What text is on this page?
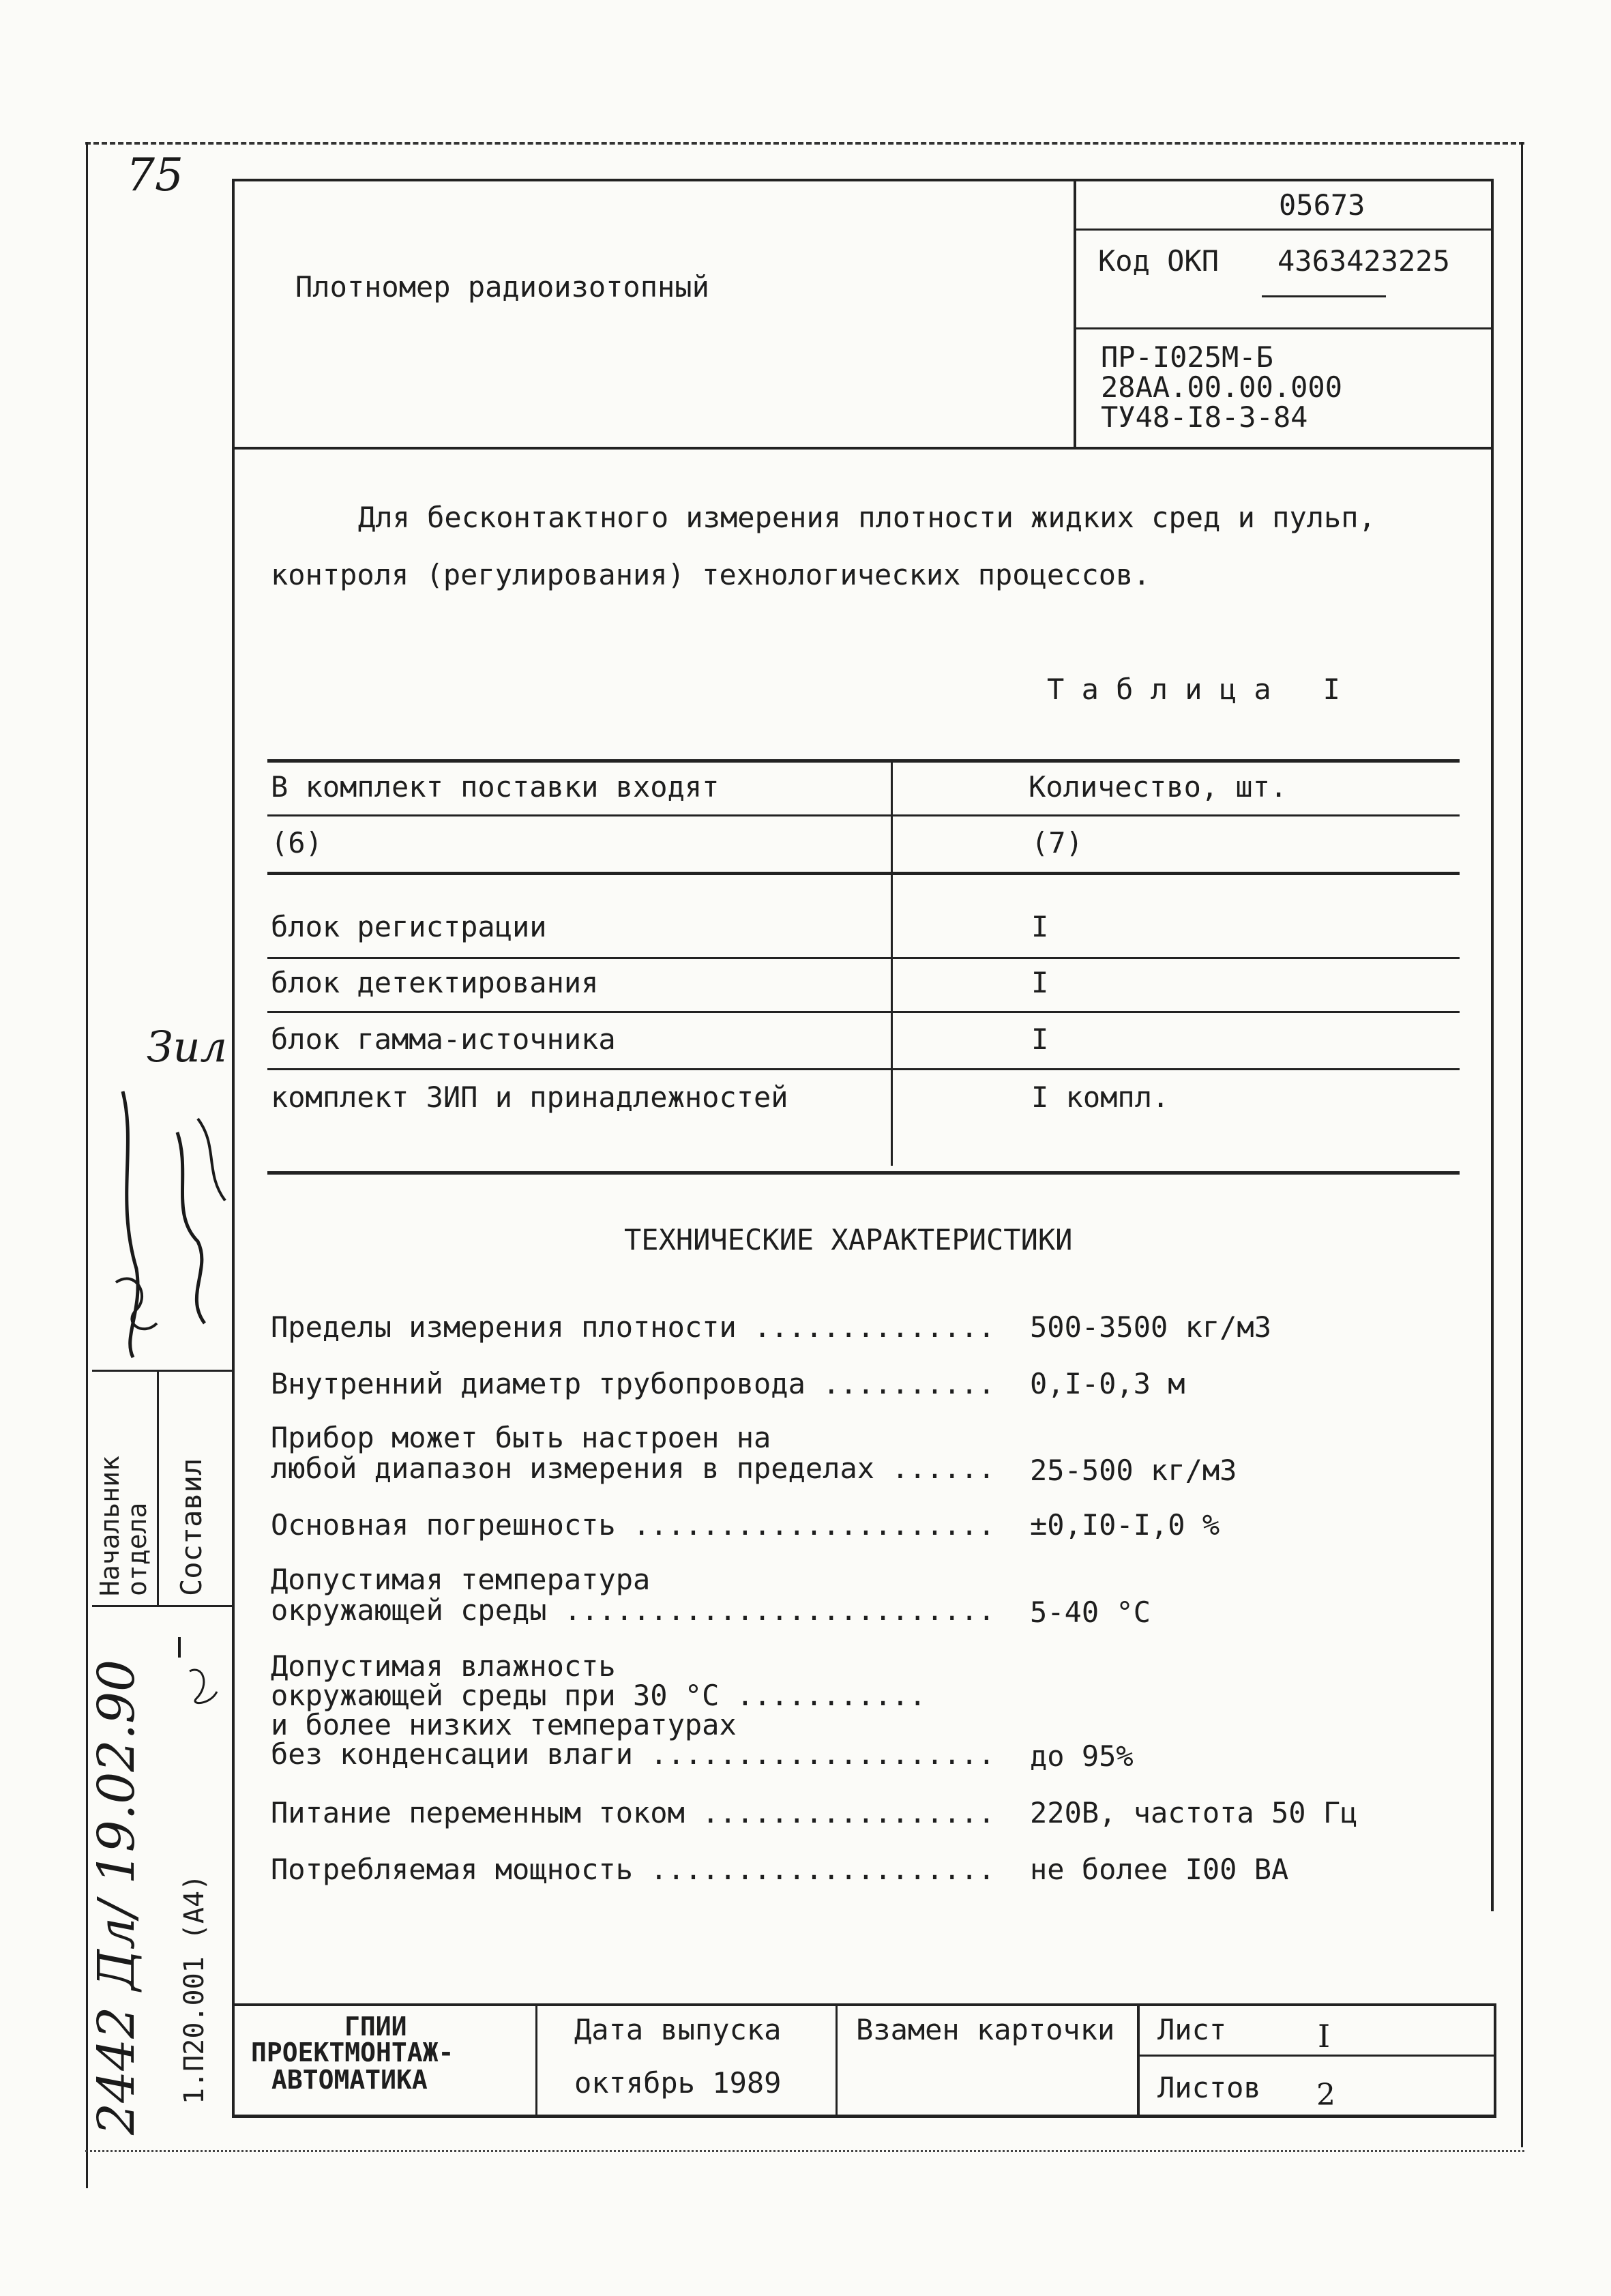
75
Плотномер радиоизотопный
05673
Код ОКП 4363423225
ПР-I025М-Б
28АА.00.00.000
ТУ48-I8-3-84
Для бесконтактного измерения плотности жидких сред и пульп,
контроля (регулирования) технологических процессов.
Т а б л и ц а   I
В комплект поставки входят	Количество, шт.
(6)	(7)
блок регистрации	I
блок детектирования	I
блок гамма-источника	I
комплект ЗИП и принадлежностей	I компл.
ТЕХНИЧЕСКИЕ ХАРАКТЕРИСТИКИ
Пределы измерения плотности .............. 500-3500 кг/м3
Внутренний диаметр трубопровода .......... 0,I-0,3 м
Прибор может быть настроен на
любой диапазон измерения в пределах ...... 25-500 кг/м3
Основная погрешность ..................... ±0,I0-I,0 %
Допустимая температура
окружающей среды ......................... 5-40 °С
Допустимая влажность
окружающей среды при 30 °С ...........
и более низких температурах
без конденсации влаги .................... до 95%
Питание переменным током ................. 220В, частота 50 Гц
Потребляемая мощность .................... не более I00 ВА
ГПИИ
ПРОЕКТМОНТАЖ-
АВТОМАТИКА
Дата выпуска
октябрь 1989
Взамен карточки Лист	I
Листов 2
Зил
Начальник
отдела Составил
1.П20.001 (А4)
2442 Дл/ 19.02.90
